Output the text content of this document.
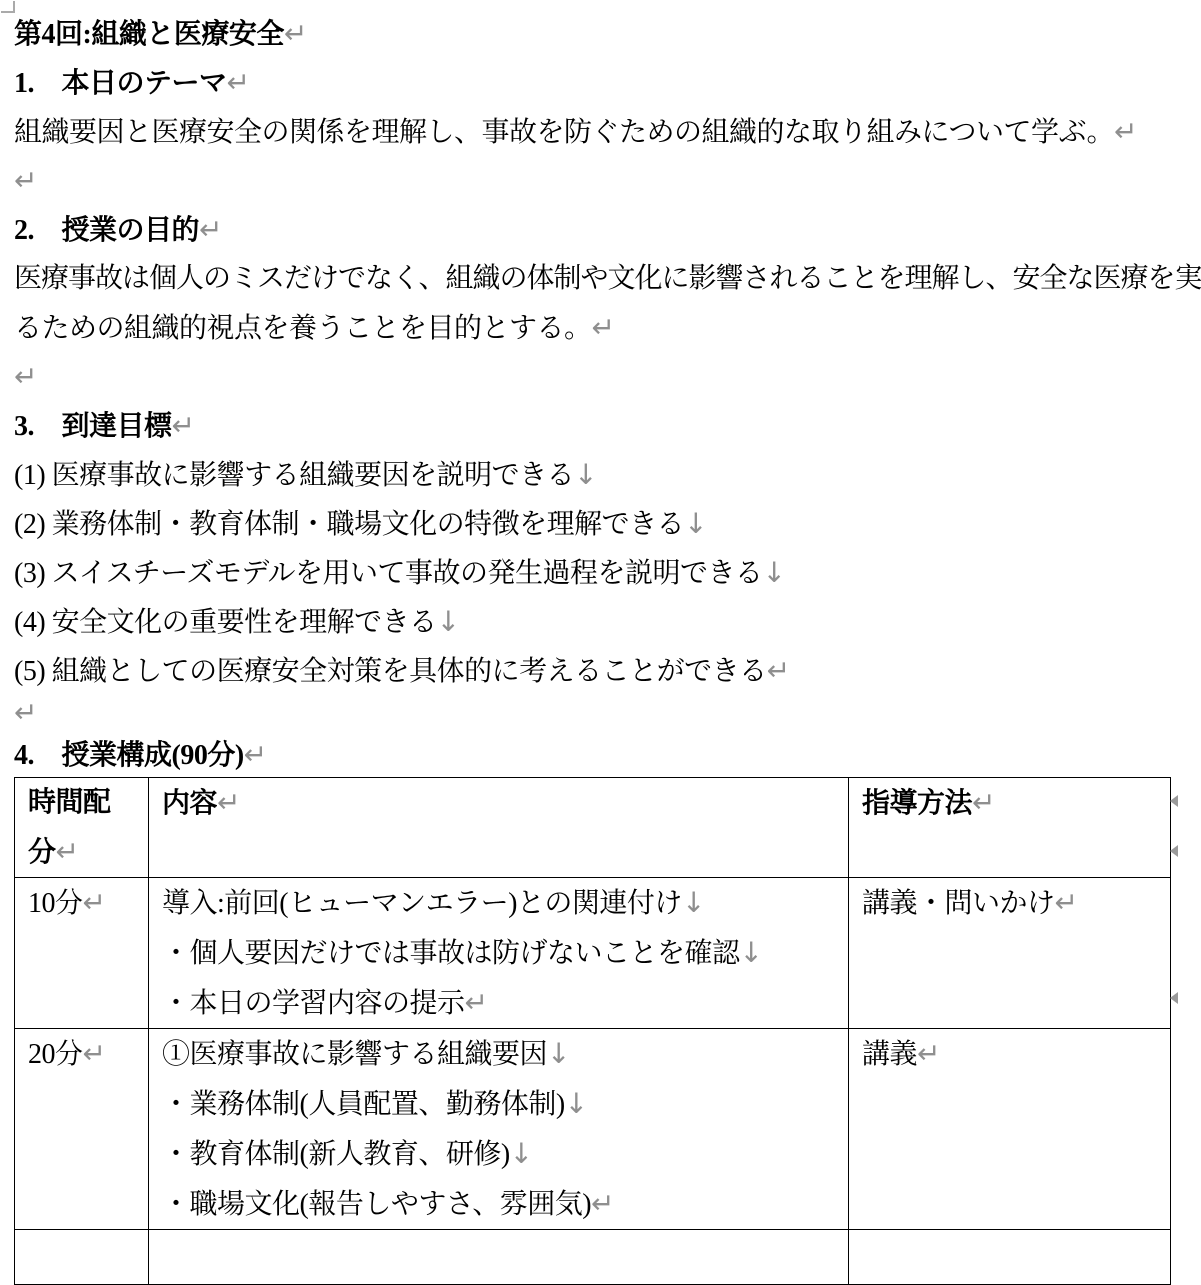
第4回:組織と医療安全↵

1.　本日のテーマ↵

組織要因と医療安全の関係を理解し、事故を防ぐための組織的な取り組みについて学ぶ。↵

↵

2.　授業の目的↵

医療事故は個人のミスだけでなく、組織の体制や文化に影響されることを理解し、安全な医療を実

るための組織的視点を養うことを目的とする。↵

↵

3.　到達目標↵

(1) 医療事故に影響する組織要因を説明できる↓

(2) 業務体制・教育体制・職場文化の特徴を理解できる↓

(3) スイスチーズモデルを用いて事故の発生過程を説明できる↓

(4) 安全文化の重要性を理解できる↓

(5) 組織としての医療安全対策を具体的に考えることができる↵

↵

4.　授業構成(90分)↵

時間配分↵	内容↵	指導方法↵
10分↵	導入:前回(ヒューマンエラー)との関連付け↓
・個人要因だけでは事故は防げないことを確認↓
・本日の学習内容の提示↵	講義・問いかけ↵
20分↵	①医療事故に影響する組織要因↓
・業務体制(人員配置、勤務体制)↓
・教育体制(新人教育、研修)↓
・職場文化(報告しやすさ、雰囲気)↵	講義↵
